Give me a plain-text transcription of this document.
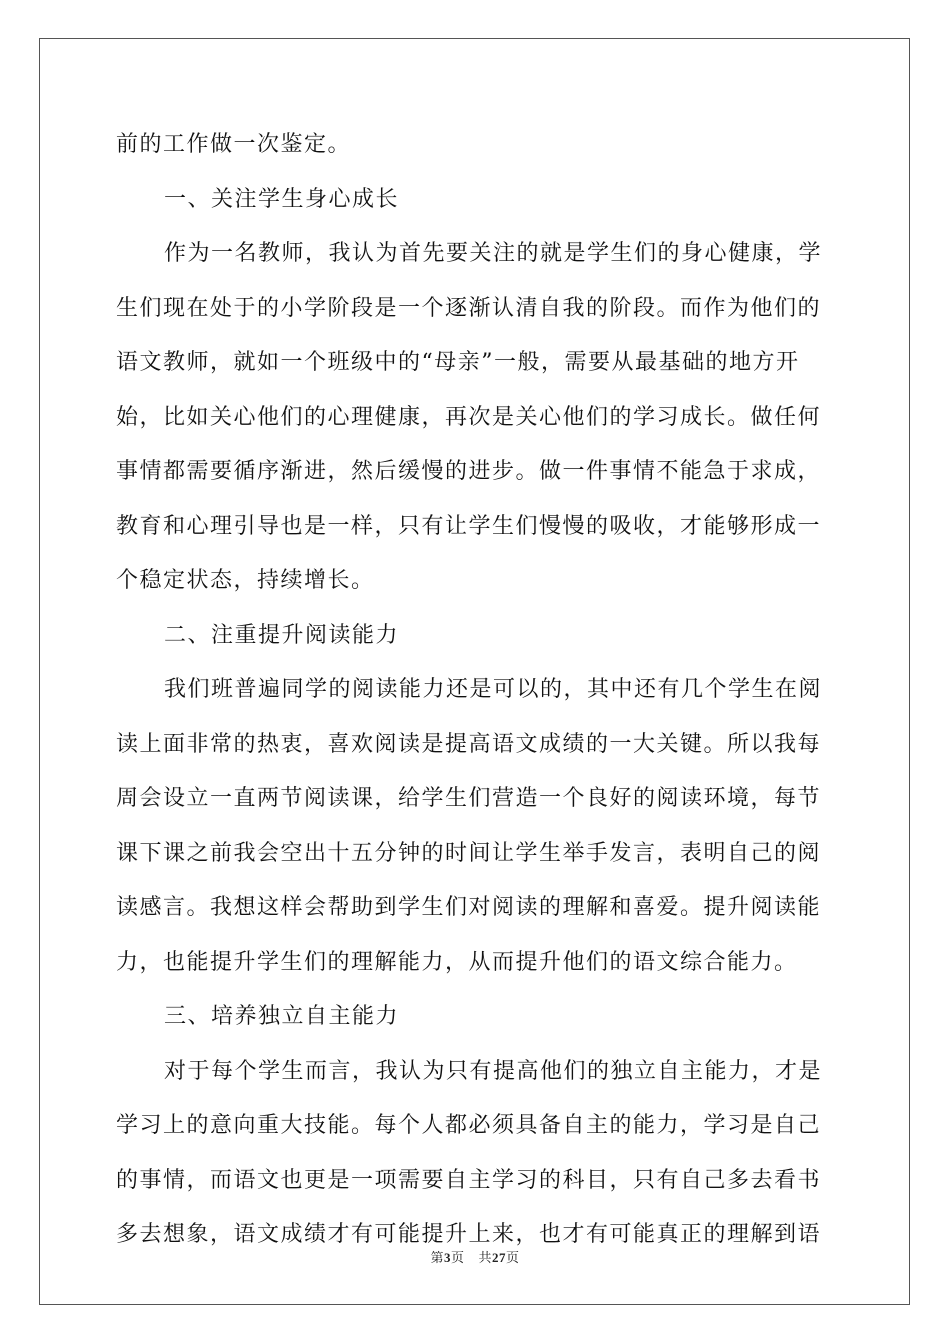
前的工作做一次鉴定。
一、关注学生身心成长
作为一名教师，我认为首先要关注的就是学生们的身心健康，学
生们现在处于的小学阶段是一个逐渐认清自我的阶段。而作为他们的
语文教师，就如一个班级中的“母亲”一般，需要从最基础的地方开
始，比如关心他们的心理健康，再次是关心他们的学习成长。做任何
事情都需要循序渐进，然后缓慢的进步。做一件事情不能急于求成，
教育和心理引导也是一样，只有让学生们慢慢的吸收，才能够形成一
个稳定状态，持续增长。
二、注重提升阅读能力
我们班普遍同学的阅读能力还是可以的，其中还有几个学生在阅
读上面非常的热衷，喜欢阅读是提高语文成绩的一大关键。所以我每
周会设立一直两节阅读课，给学生们营造一个良好的阅读环境，每节
课下课之前我会空出十五分钟的时间让学生举手发言，表明自己的阅
读感言。我想这样会帮助到学生们对阅读的理解和喜爱。提升阅读能
力，也能提升学生们的理解能力，从而提升他们的语文综合能力。
三、培养独立自主能力
对于每个学生而言，我认为只有提高他们的独立自主能力，才是
学习上的意向重大技能。每个人都必须具备自主的能力，学习是自己
的事情，而语文也更是一项需要自主学习的科目，只有自己多去看书
多去想象，语文成绩才有可能提升上来，也才有可能真正的理解到语
第3页 共27页
